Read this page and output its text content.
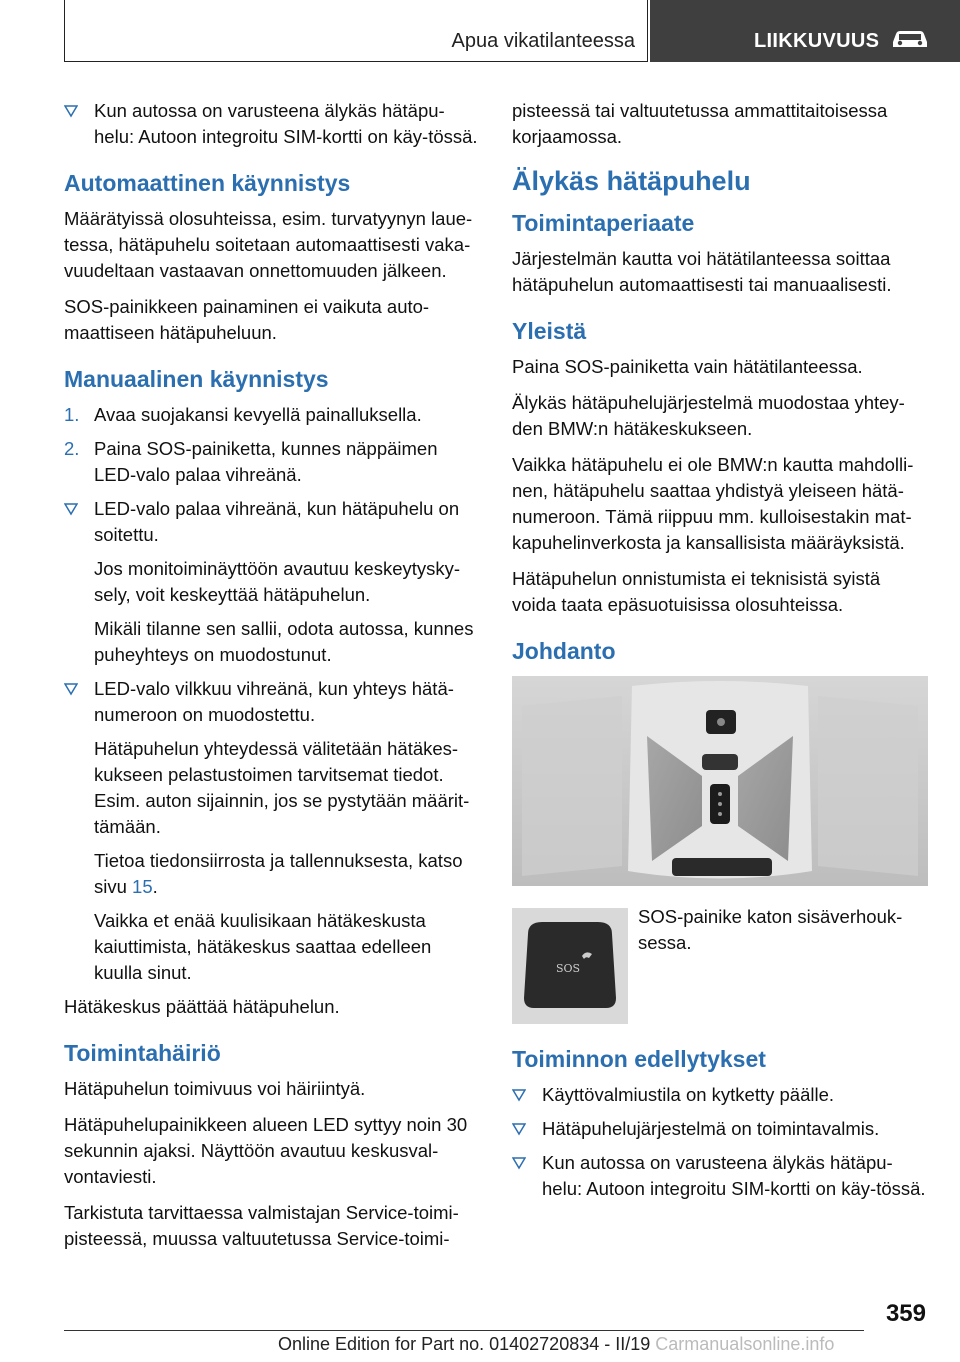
Apua vikatilanteessa	LIIKKUVUUS
Kun autossa on varusteena älykäs hätäpu-helu: Autoon integroitu SIM-kortti on käy-tössä.
Automaattinen käynnistys

Määrätyissä olosuhteissa, esim. turvatyynyn laue-tessa, hätäpuhelu soitetaan automaattisesti vaka-vuudeltaan vastaavan onnettomuuden jälkeen.

SOS-painikkeen painaminen ei vaikuta auto-maattiseen hätäpuheluun.

Manuaalinen käynnistys
1. Avaa suojakansi kevyellä painalluksella.
2. Paina SOS-painiketta, kunnes näppäimen LED-valo palaa vihreänä.
LED-valo palaa vihreänä, kun hätäpuhelu on soitettu.
Jos monitoiminäyttöön avautuu keskeytysky-sely, voit keskeyttää hätäpuhelun.
Mikäli tilanne sen sallii, odota autossa, kunnes puheyhteys on muodostunut.
LED-valo vilkkuu vihreänä, kun yhteys hätä-numeroon on muodostettu.
Hätäpuhelun yhteydessä välitetään hätäkes-kukseen pelastustoimen tarvitsemat tiedot. Esim. auton sijainnin, jos se pystytään määrit-tämään.
Tietoa tiedonsiirrosta ja tallennuksesta, katso sivu 15.
Vaikka et enää kuulisikaan hätäkeskusta kaiuttimista, hätäkeskus saattaa edelleen kuulla sinut.

Hätäkeskus päättää hätäpuhelun.

Toimintahäiriö

Hätäpuhelun toimivuus voi häiriintyä.

Hätäpuhelupainikkeen alueen LED syttyy noin 30 sekunnin ajaksi. Näyttöön avautuu keskusval-vontaviesti.

Tarkistuta tarvittaessa valmistajan Service-toimi-pisteessä, muussa valtuutetussa Service-toimi-

pisteessä tai valtuutetussa ammattitaitoisessa korjaamossa.

Älykäs hätäpuhelu
Toimintaperiaate

Järjestelmän kautta voi hätätilanteessa soittaa hätäpuhelun automaattisesti tai manuaalisesti.

Yleistä

Paina SOS-painiketta vain hätätilanteessa.

Älykäs hätäpuhelujärjestelmä muodostaa yhtey-den BMW:n hätäkeskukseen.

Vaikka hätäpuhelu ei ole BMW:n kautta mahdolli-nen, hätäpuhelu saattaa yhdistyä yleiseen hätä-numeroon. Tämä riippuu mm. kulloisestakin mat-kapuhelinverkosta ja kansallisista määräyksistä.

Hätäpuhelun onnistumista ei teknisistä syistä voida taata epäsuotuisissa olosuhteissa.

Johdanto
SOS

SOS-painike katon sisäverhouk-sessa.

Toiminnon edellytykset
Käyttövalmiustila on kytketty päälle.
Hätäpuhelujärjestelmä on toimintavalmis.
Kun autossa on varusteena älykäs hätäpu-helu: Autoon integroitu SIM-kortti on käy-tössä.
359
Online Edition for Part no. 01402720834 - II/19 Carmanualsonline.info
